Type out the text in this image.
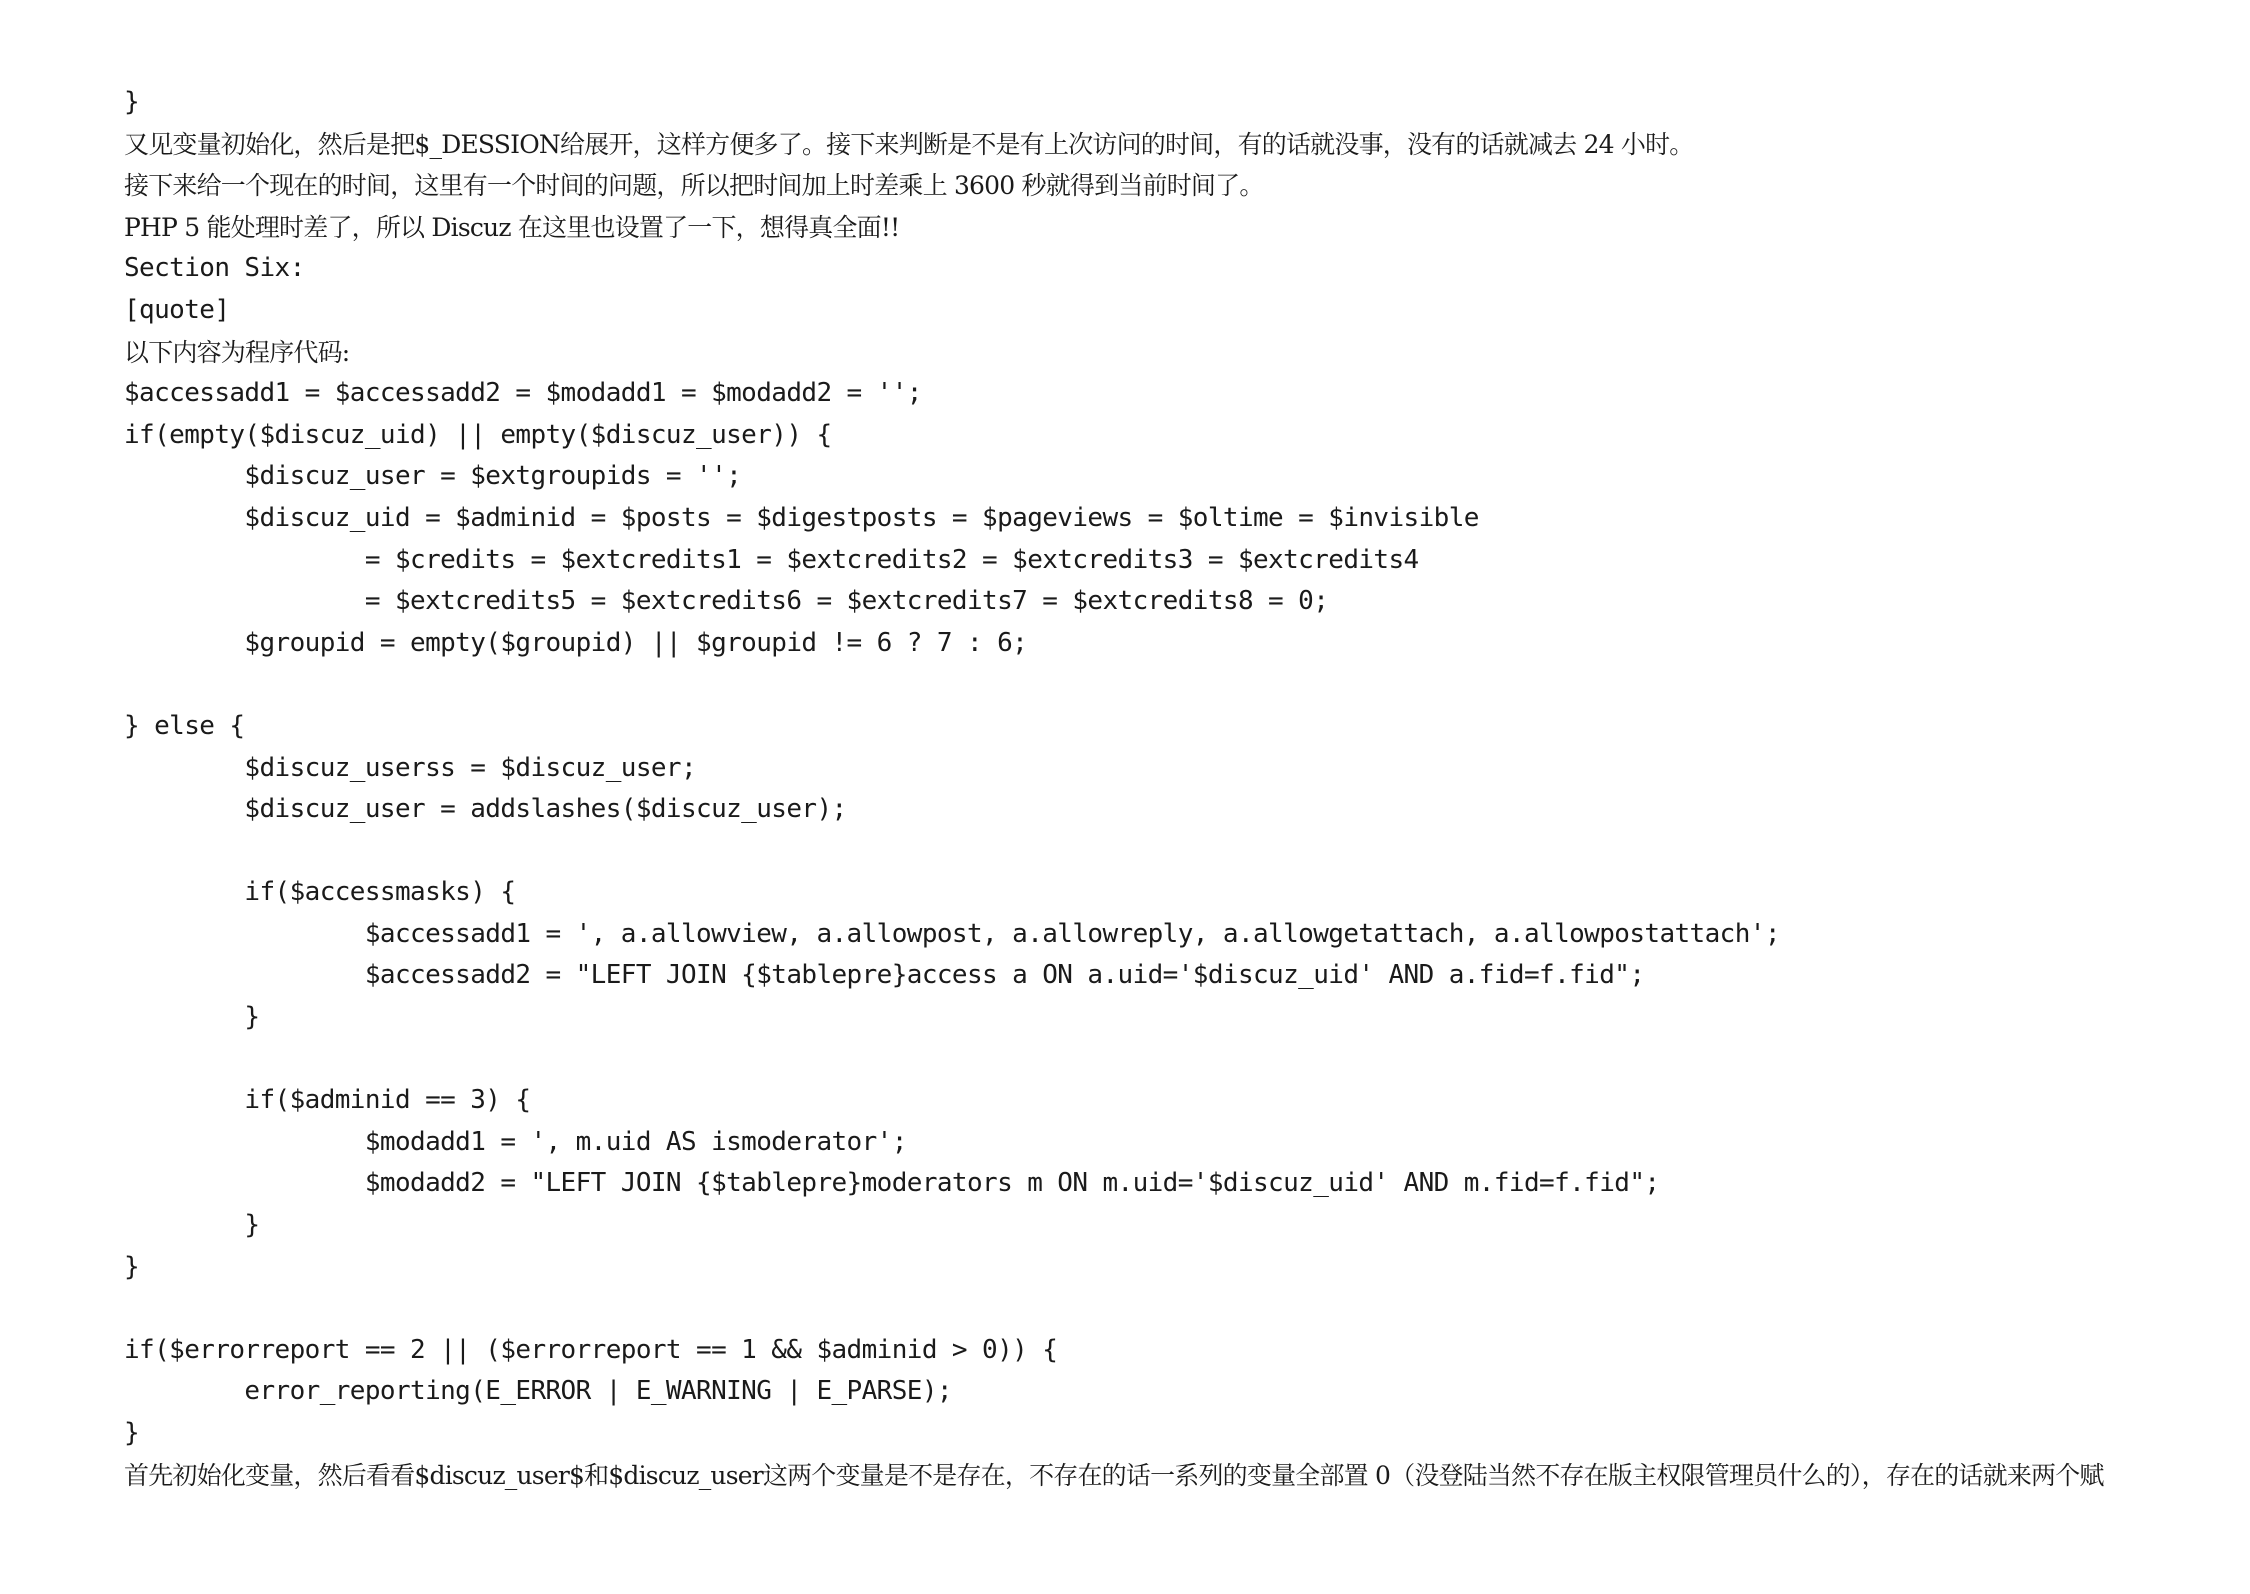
}
又见变量初始化，然后是把$_DESSION给展开，这样方便多了。接下来判断是不是有上次访问的时间，有的话就没事，没有的话就减去 24 小时。
接下来给一个现在的时间，这里有一个时间的问题，所以把时间加上时差乘上 3600 秒就得到当前时间了。
PHP 5 能处理时差了，所以 Discuz 在这里也设置了一下，想得真全面!!
Section Six:
[quote]
以下内容为程序代码:
$accessadd1 = $accessadd2 = $modadd1 = $modadd2 = '';
if(empty($discuz_uid) || empty($discuz_user)) {
$discuz_user = $extgroupids = '';
$discuz_uid = $adminid = $posts = $digestposts = $pageviews = $oltime = $invisible
= $credits = $extcredits1 = $extcredits2 = $extcredits3 = $extcredits4
= $extcredits5 = $extcredits6 = $extcredits7 = $extcredits8 = 0;
$groupid = empty($groupid) || $groupid != 6 ? 7 : 6;
} else {
$discuz_userss = $discuz_user;
$discuz_user = addslashes($discuz_user);
if($accessmasks) {
$accessadd1 = ', a.allowview, a.allowpost, a.allowreply, a.allowgetattach, a.allowpostattach';
$accessadd2 = "LEFT JOIN {$tablepre}access a ON a.uid='$discuz_uid' AND a.fid=f.fid";
}
if($adminid == 3) {
$modadd1 = ', m.uid AS ismoderator';
$modadd2 = "LEFT JOIN {$tablepre}moderators m ON m.uid='$discuz_uid' AND m.fid=f.fid";
}
}
if($errorreport == 2 || ($errorreport == 1 && $adminid > 0)) {
error_reporting(E_ERROR | E_WARNING | E_PARSE);
}
首先初始化变量，然后看看$discuz_user$和$discuz_user这两个变量是不是存在，不存在的话一系列的变量全部置 0（没登陆当然不存在版主权限管理员什么的），存在的话就来两个赋
